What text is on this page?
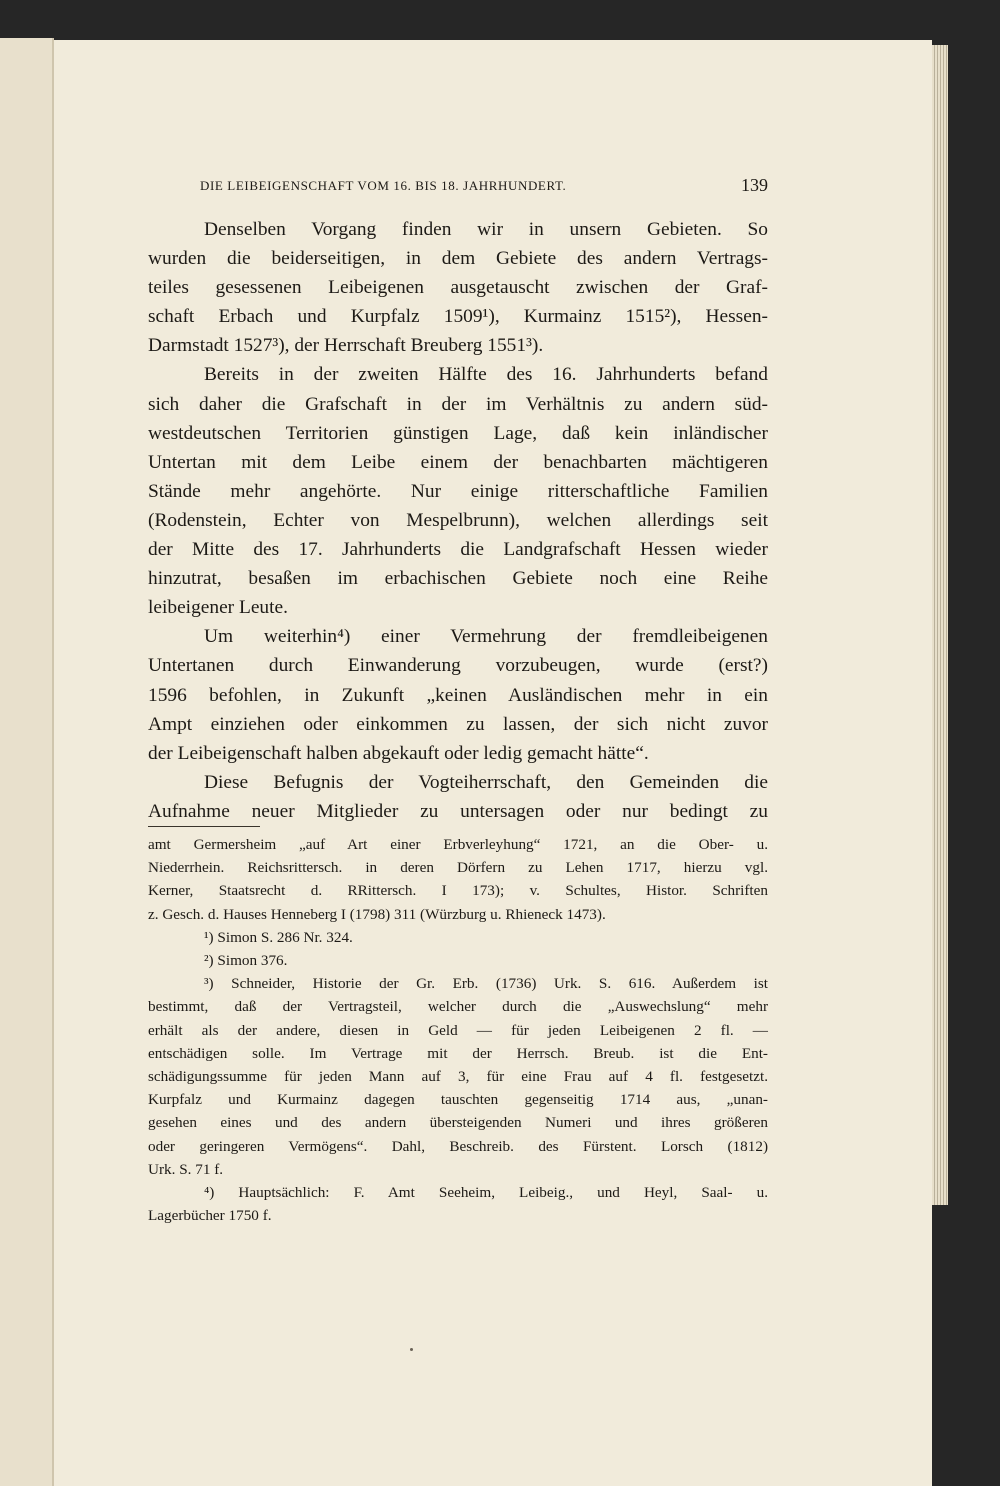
DIE LEIBEIGENSCHAFT VOM 16. BIS 18. JAHRHUNDERT.	139

Denselben Vorgang finden wir in unsern Gebieten. So
wurden die beiderseitigen, in dem Gebiete des andern Vertrags-
teiles gesessenen Leibeigenen ausgetauscht zwischen der Graf-
schaft Erbach und Kurpfalz 1509¹), Kurmainz 1515²), Hessen-
Darmstadt 1527³), der Herrschaft Breuberg 1551³).

Bereits in der zweiten Hälfte des 16. Jahrhunderts befand
sich daher die Grafschaft in der im Verhältnis zu andern süd-
westdeutschen Territorien günstigen Lage, daß kein inländischer
Untertan mit dem Leibe einem der benachbarten mächtigeren
Stände mehr angehörte. Nur einige ritterschaftliche Familien
(Rodenstein, Echter von Mespelbrunn), welchen allerdings seit
der Mitte des 17. Jahrhunderts die Landgrafschaft Hessen wieder
hinzutrat, besaßen im erbachischen Gebiete noch eine Reihe
leibeigener Leute.

Um weiterhin⁴) einer Vermehrung der fremdleibeigenen
Untertanen durch Einwanderung vorzubeugen, wurde (erst?)
1596 befohlen, in Zukunft „keinen Ausländischen mehr in ein
Ampt einziehen oder einkommen zu lassen, der sich nicht zuvor
der Leibeigenschaft halben abgekauft oder ledig gemacht hätte“.

Diese Befugnis der Vogteiherrschaft, den Gemeinden die
Aufnahme neuer Mitglieder zu untersagen oder nur bedingt zu

amt Germersheim „auf Art einer Erbverleyhung“ 1721, an die Ober- u.
Niederrhein. Reichsrittersch. in deren Dörfern zu Lehen 1717, hierzu vgl.
Kerner, Staatsrecht d. RRittersch. I 173); v. Schultes, Histor. Schriften
z. Gesch. d. Hauses Henneberg I (1798) 311 (Würzburg u. Rhieneck 1473).
¹) Simon S. 286 Nr. 324.
²) Simon 376.
³) Schneider, Historie der Gr. Erb. (1736) Urk. S. 616. Außerdem ist
bestimmt, daß der Vertragsteil, welcher durch die „Auswechslung“ mehr
erhält als der andere, diesen in Geld — für jeden Leibeigenen 2 fl. —
entschädigen solle. Im Vertrage mit der Herrsch. Breub. ist die Ent-
schädigungssumme für jeden Mann auf 3, für eine Frau auf 4 fl. festgesetzt.
Kurpfalz und Kurmainz dagegen tauschten gegenseitig 1714 aus, „unan-
gesehen eines und des andern übersteigenden Numeri und ihres größeren
oder geringeren Vermögens“. Dahl, Beschreib. des Fürstent. Lorsch (1812)
Urk. S. 71 f.
⁴) Hauptsächlich: F. Amt Seeheim, Leibeig., und Heyl, Saal- u.
Lagerbücher 1750 f.
